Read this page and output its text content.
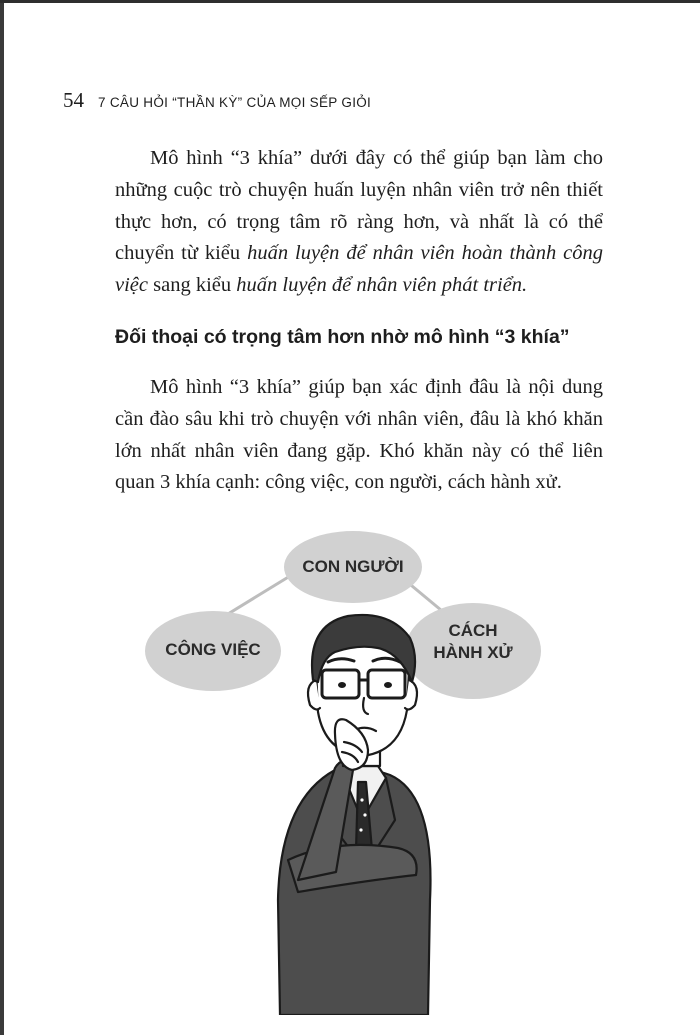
54 7 CÂU HỎI “THẦN KỲ” CỦA MỌI SẾP GIỎI

Mô hình “3 khía” dưới đây có thể giúp bạn làm cho những cuộc trò chuyện huấn luyện nhân viên trở nên thiết thực hơn, có trọng tâm rõ ràng hơn, và nhất là có thể chuyển từ kiểu huấn luyện để nhân viên hoàn thành công việc sang kiểu huấn luyện để nhân viên phát triển.

Đối thoại có trọng tâm hơn nhờ mô hình “3 khía”

Mô hình “3 khía” giúp bạn xác định đâu là nội dung cần đào sâu khi trò chuyện với nhân viên, đâu là khó khăn lớn nhất nhân viên đang gặp. Khó khăn này có thể liên quan 3 khía cạnh: công việc, con người, cách hành xử.

CON NGƯỜI
CÔNG VIỆC
CÁCH
HÀNH XỬ
